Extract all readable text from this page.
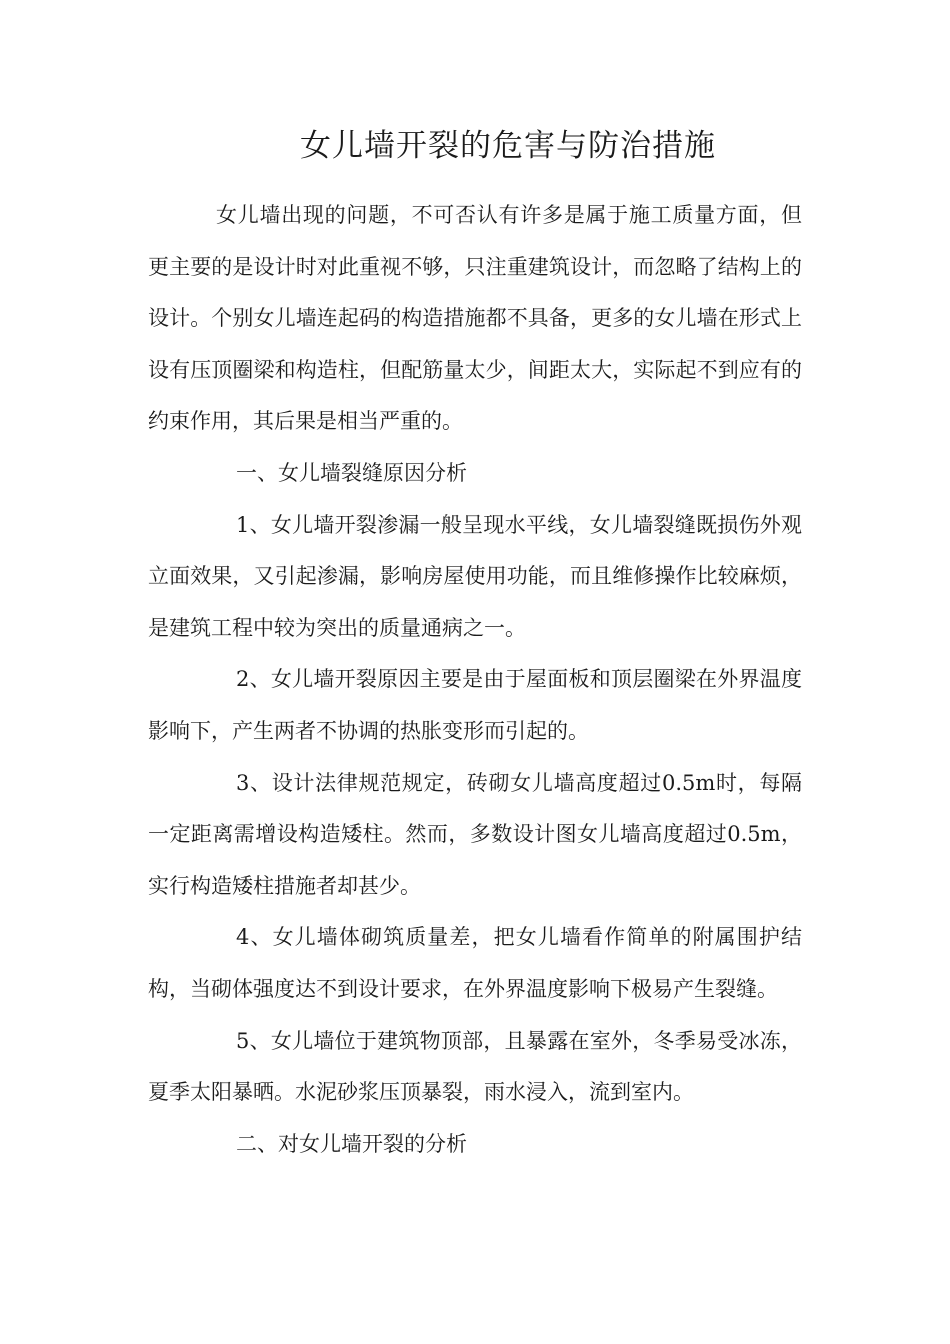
女儿墙开裂的危害与防治措施

女儿墙出现的问题，不可否认有许多是属于施工质量方面，但更主要的是设计时对此重视不够，只注重建筑设计，而忽略了结构上的设计。个别女儿墙连起码的构造措施都不具备，更多的女儿墙在形式上设有压顶圈梁和构造柱，但配筋量太少，间距太大，实际起不到应有的约束作用，其后果是相当严重的。

一、女儿墙裂缝原因分析

1、女儿墙开裂渗漏一般呈现水平线，女儿墙裂缝既损伤外观立面效果，又引起渗漏，影响房屋使用功能，而且维修操作比较麻烦，是建筑工程中较为突出的质量通病之一。

2、女儿墙开裂原因主要是由于屋面板和顶层圈梁在外界温度影响下，产生两者不协调的热胀变形而引起的。

3、设计法律规范规定，砖砌女儿墙高度超过0.5m时，每隔一定距离需增设构造矮柱。然而，多数设计图女儿墙高度超过0.5m，实行构造矮柱措施者却甚少。

4、女儿墙体砌筑质量差，把女儿墙看作简单的附属围护结构，当砌体强度达不到设计要求，在外界温度影响下极易产生裂缝。

5、女儿墙位于建筑物顶部，且暴露在室外，冬季易受冰冻，夏季太阳暴晒。水泥砂浆压顶暴裂，雨水浸入，流到室内。

二、对女儿墙开裂的分析
